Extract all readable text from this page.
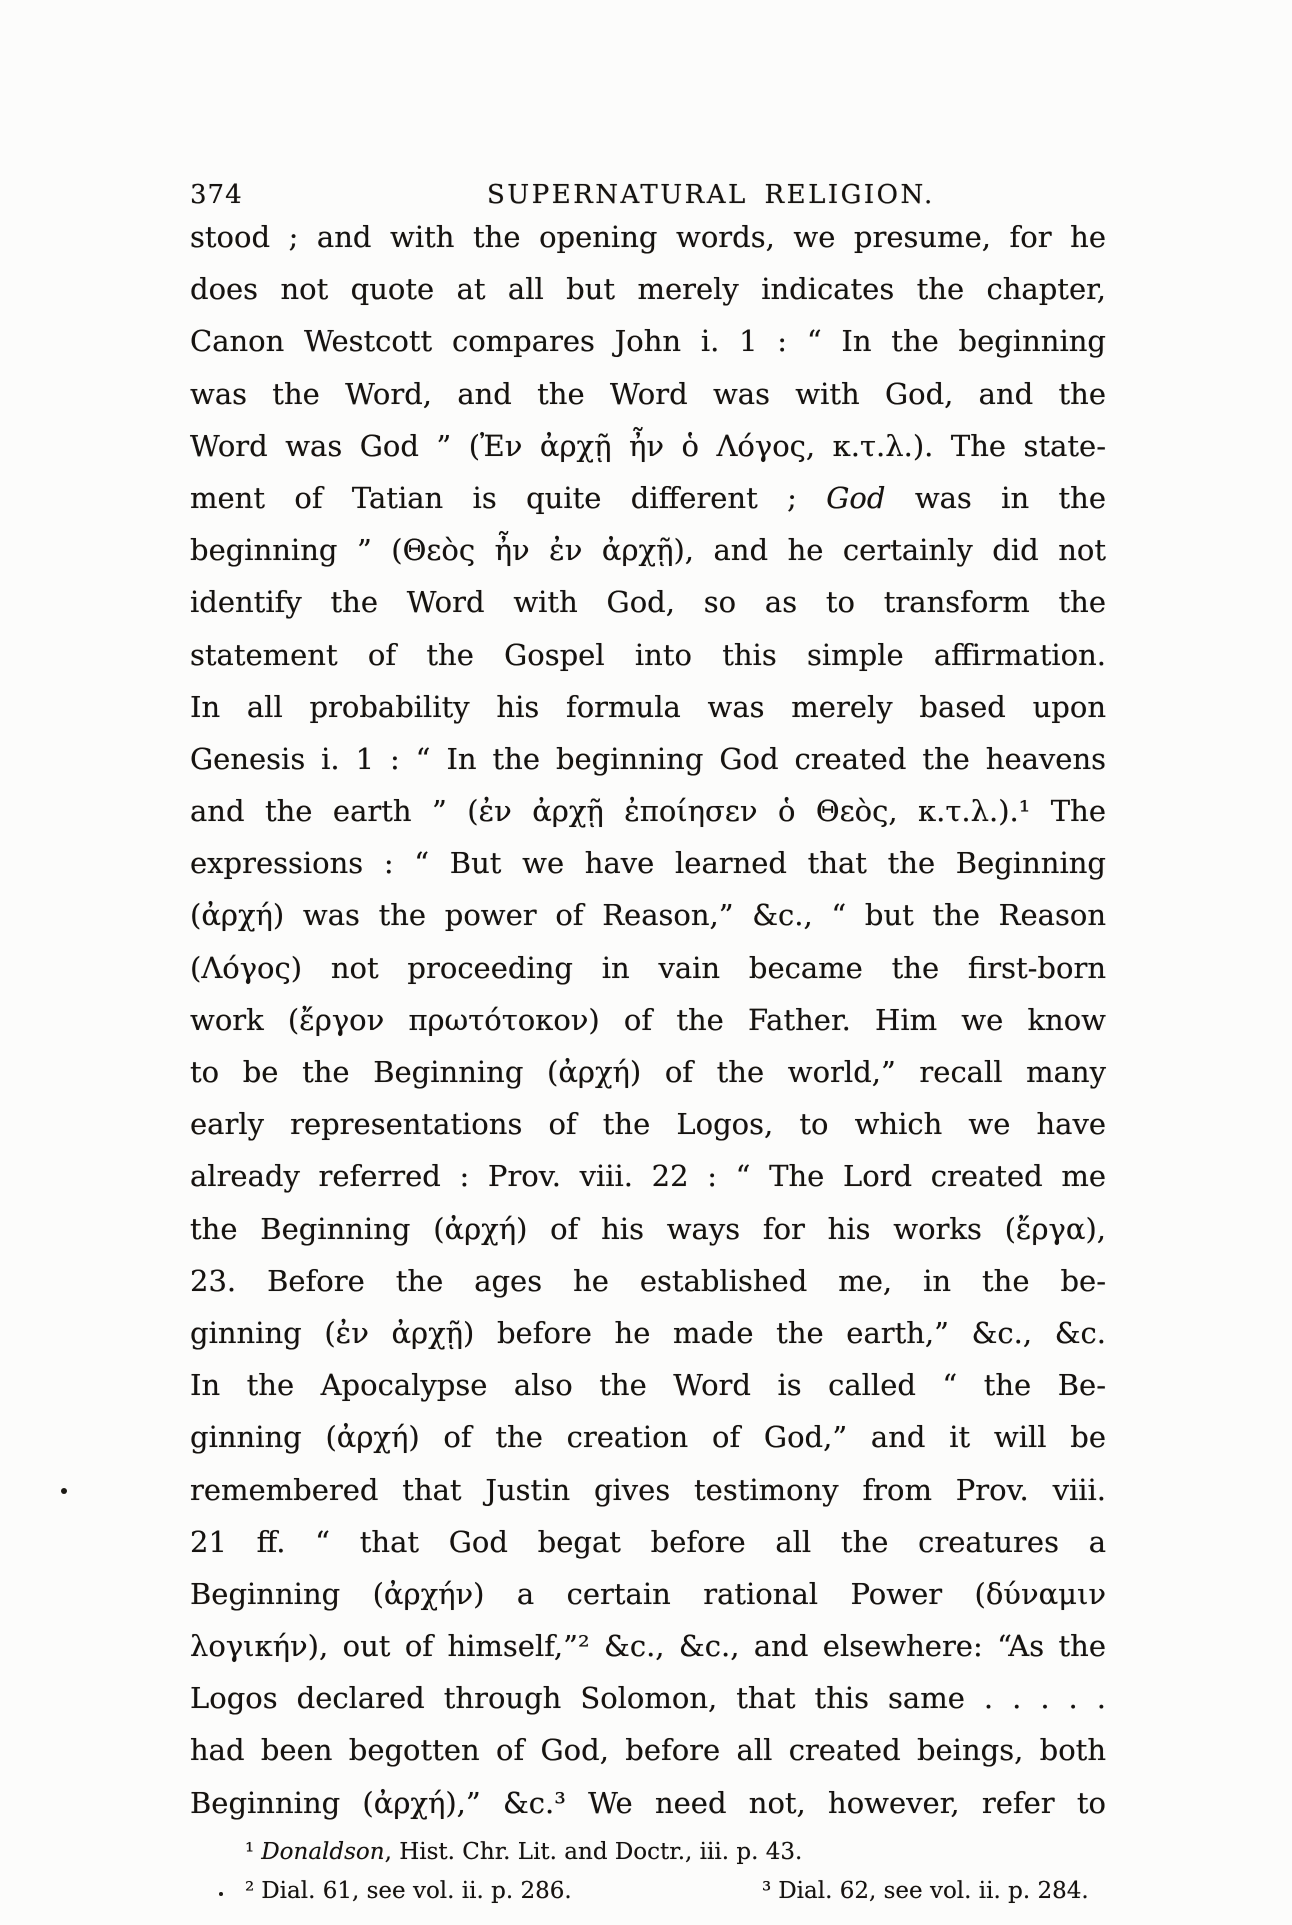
374	SUPERNATURAL RELIGION.
stood ; and with the opening words, we presume, for he
does not quote at all but merely indicates the chapter,
Canon Westcott compares John i. 1 : “ In the beginning
was the Word, and the Word was with God, and the
Word was God ” (Ἐν ἀρχῇ ἦν ὁ Λόγος, κ.τ.λ.). The state-
ment of Tatian is quite different ; God was in the
beginning ” (Θεὸς ἦν ἐν ἀρχῇ), and he certainly did not
identify the Word with God, so as to transform the
statement of the Gospel into this simple affirmation.
In all probability his formula was merely based upon
Genesis i. 1 : “ In the beginning God created the heavens
and the earth ” (ἐν ἀρχῇ ἐποίησεν ὁ Θεὸς, κ.τ.λ.).¹ The
expressions : “ But we have learned that the Beginning
(ἀρχή) was the power of Reason,” &c., “ but the Reason
(Λόγος) not proceeding in vain became the first-born
work (ἔργον πρωτότοκον) of the Father. Him we know
to be the Beginning (ἀρχή) of the world,” recall many
early representations of the Logos, to which we have
already referred : Prov. viii. 22 : “ The Lord created me
the Beginning (ἀρχή) of his ways for his works (ἔργα),
23. Before the ages he established me, in the be-
ginning (ἐν ἀρχῇ) before he made the earth,” &c., &c.
In the Apocalypse also the Word is called “ the Be-
ginning (ἀρχή) of the creation of God,” and it will be
remembered that Justin gives testimony from Prov. viii.
21 ff. “ that God begat before all the creatures a
Beginning (ἀρχήν) a certain rational Power (δύναμιν
λογικήν), out of himself,”² &c., &c., and elsewhere: “As the
Logos declared through Solomon, that this same . . . . .
had been begotten of God, before all created beings, both
Beginning (ἀρχή),” &c.³ We need not, however, refer to
¹ Donaldson, Hist. Chr. Lit. and Doctr., iii. p. 43.
² Dial. 61, see vol. ii. p. 286.	³ Dial. 62, see vol. ii. p. 284.
